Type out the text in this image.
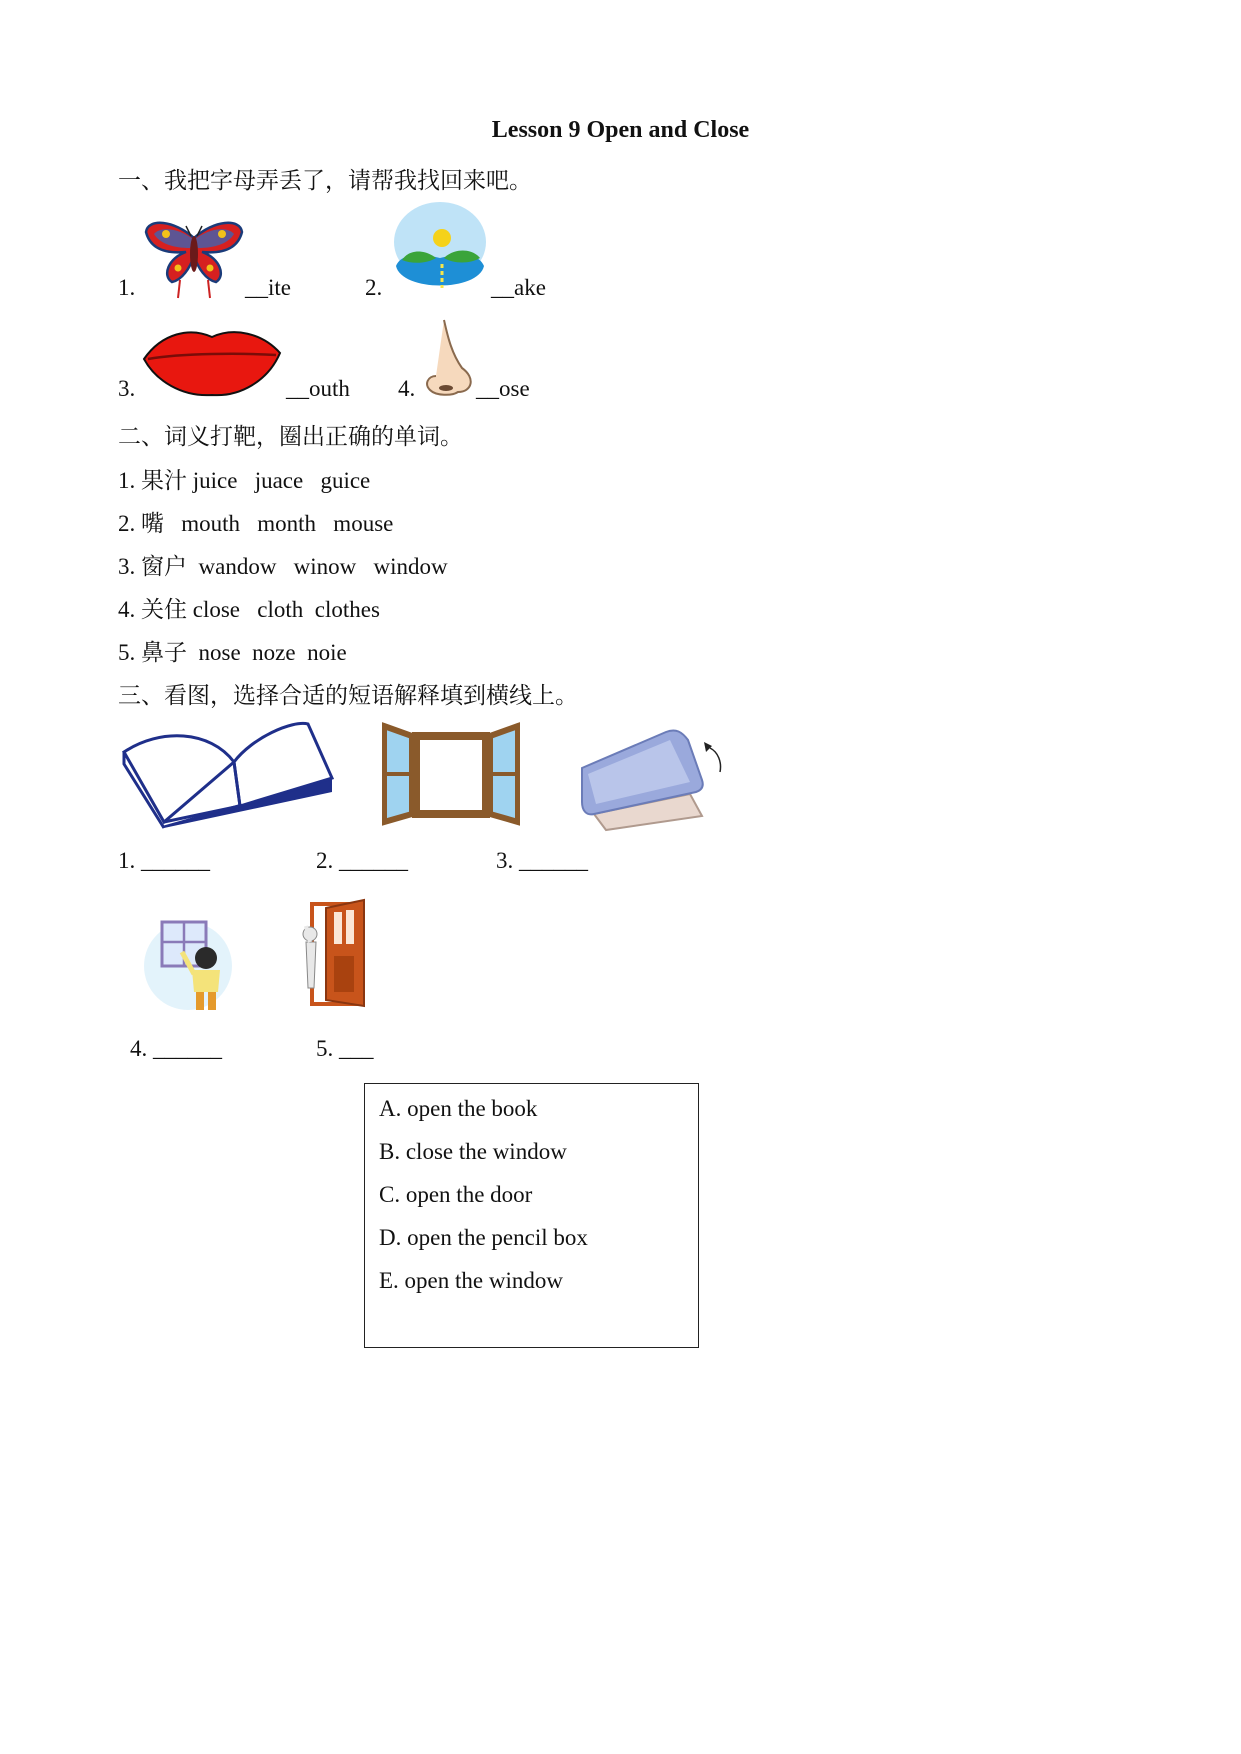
Lesson 9 Open and Close
一、我把字母弄丢了，请帮我找回来吧。
1.	__ite	2.	__ake
3.	__outh 4.	__ose
二、词义打靶，圈出正确的单词。
1. 果汁 juice   juace   guice
2. 嘴 mouth   month   mouse
3. 窗户 wandow   winow   window
4. 关住 close   cloth  clothes
5. 鼻子 nose  noze  noie
三、看图，选择合适的短语解释填到横线上。
1. ______	2. ______	3. ______
4. ______	5. ___
A. open the book
B. close the window
C. open the door
D. open the pencil box
E. open the window
